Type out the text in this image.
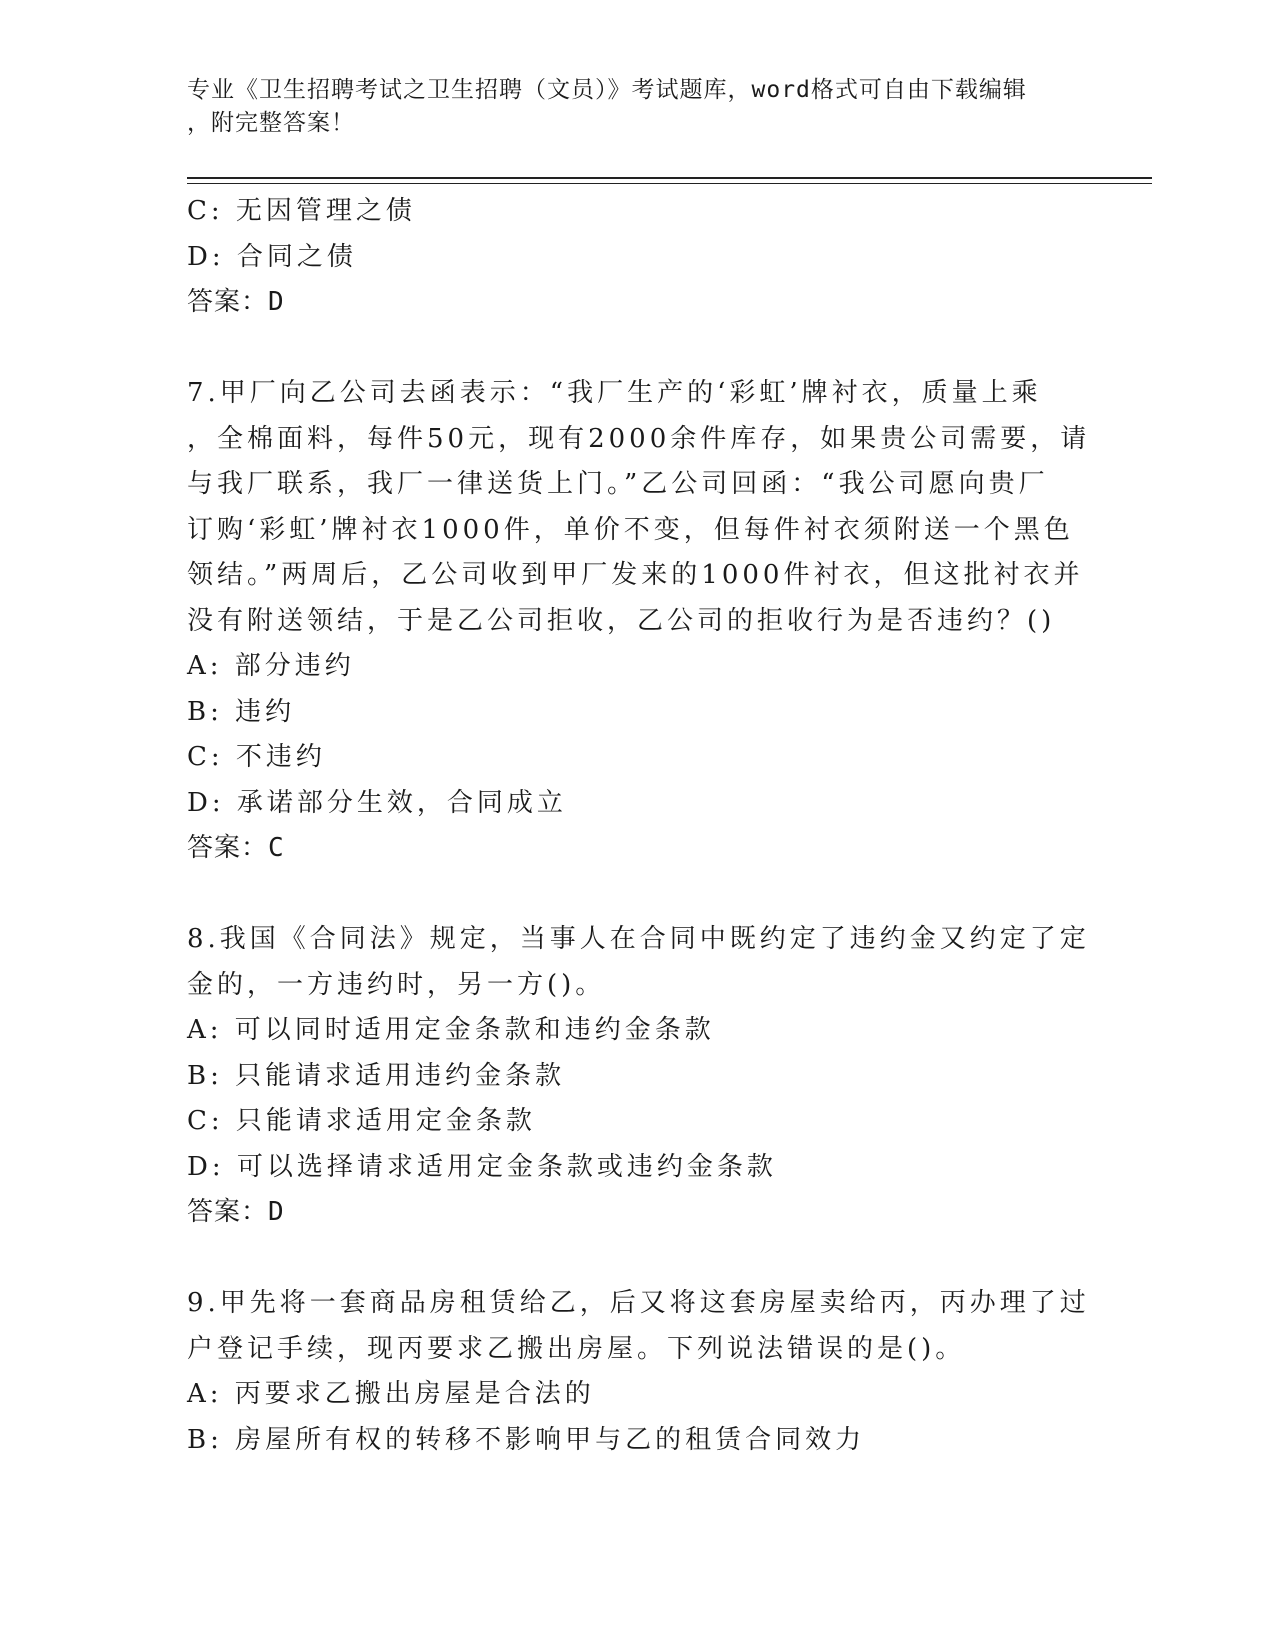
专业《卫生招聘考试之卫生招聘（文员）》考试题库，word格式可自由下载编辑
，附完整答案！
C: 无因管理之债
D: 合同之债
答案：D
7.甲厂向乙公司去函表示：“我厂生产的‘彩虹’牌衬衣，质量上乘
，全棉面料，每件50元，现有2000余件库存，如果贵公司需要，请
与我厂联系，我厂一律送货上门。”乙公司回函：“我公司愿向贵厂
订购‘彩虹’牌衬衣1000件，单价不变，但每件衬衣须附送一个黑色
领结。”两周后，乙公司收到甲厂发来的1000件衬衣，但这批衬衣并
没有附送领结，于是乙公司拒收，乙公司的拒收行为是否违约？()
A: 部分违约
B: 违约
C: 不违约
D: 承诺部分生效，合同成立
答案：C
8.我国《合同法》规定，当事人在合同中既约定了违约金又约定了定
金的，一方违约时，另一方()。
A: 可以同时适用定金条款和违约金条款
B: 只能请求适用违约金条款
C: 只能请求适用定金条款
D: 可以选择请求适用定金条款或违约金条款
答案：D
9.甲先将一套商品房租赁给乙，后又将这套房屋卖给丙，丙办理了过
户登记手续，现丙要求乙搬出房屋。下列说法错误的是()。
A: 丙要求乙搬出房屋是合法的
B: 房屋所有权的转移不影响甲与乙的租赁合同效力
